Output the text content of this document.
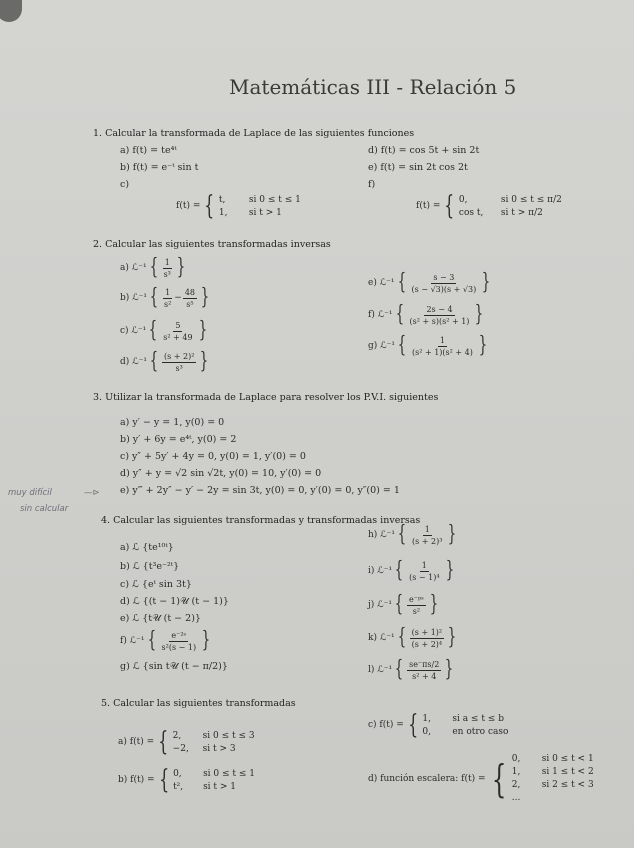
Matemáticas III - Relación 5
1. Calcular la transformada de Laplace de las siguientes funciones
a) f(t) = te⁴ᵗ
b) f(t) = e⁻ᵗ sin t
c)
d) f(t) = cos 5t + sin 2t
e) f(t) = sin 2t cos 2t
f)
f(t) = { t,	si 0 ≤ t ≤ 1
1,	si t > 1
f(t) = { 0,	si 0 ≤ t ≤ π/2
cos t,	si t > π/2
2. Calcular las siguientes transformadas inversas
a) ℒ⁻¹ { $\frac{1}{\text{s³}}$ }
b) ℒ⁻¹ { $\frac{1}{\text{s²}} - \frac{48}{\text{s⁵}}$ }
c) ℒ⁻¹ { $\frac{5}{\text{s² + 49}}$ }
d) ℒ⁻¹ { $\frac{\text{(s + 2)²}}{\text{s³}}$ }
e) ℒ⁻¹ { $\frac{s - 3}{(s - √3)(s + √3)}$ }
f) ℒ⁻¹ { $\frac{2s - 4}{\text{(s² + s)(s² + 1)}}$ }
g) ℒ⁻¹ { $\frac{1}{\text{(s² + 1)(s² + 4)}}$ }
3. Utilizar la transformada de Laplace para resolver los P.V.I. siguientes
a) y′ − y = 1, y(0) = 0
b) y′ + 6y = e⁴ᵗ, y(0) = 2
c) y″ + 5y′ + 4y = 0, y(0) = 1, y′(0) = 0
d) y″ + y = √2 sin √2t, y(0) = 10, y′(0) = 0
e) y‴ + 2y″ − y′ − 2y = sin 3t, y(0) = 0, y′(0) = 0, y″(0) = 1
muy difícil	—⊳
sin calcular
4. Calcular las siguientes transformadas y transformadas inversas
a) ℒ {te¹⁰ᵗ}
b) ℒ {t³e⁻²ᵗ}
c) ℒ {eᵗ sin 3t}
d) ℒ {(t − 1)𝒰 (t − 1)}
e) ℒ {t𝒰 (t − 2)}
f) ℒ⁻¹ { $\frac{\text{e⁻²ˢ}}{\text{s²(s − 1)}}$ }
g) ℒ {sin t𝒰 (t − π/2)}
h) ℒ⁻¹ { $\frac{1}{\text{(s + 2)³}}$ }
i) ℒ⁻¹ { $\frac{1}{\text{(s − 1)⁴}}$ }
j) ℒ⁻¹ { $\frac{\text{e⁻ᵖˢ}}{\text{s²}}$ }
k) ℒ⁻¹ { $\frac{\text{(s + 1)²}}{\text{(s + 2)⁴}}$ }
l) ℒ⁻¹ { $\frac{se^-\pi s/2}{\text{s² + 4}}$ }
5. Calcular las siguientes transformadas
a) f(t) = { 2,	si 0 ≤ t ≤ 3
−2,	si t > 3
b) f(t) = { 0,	si 0 ≤ t ≤ 1
t²,	si t > 1
c) f(t) = { 1,	si a ≤ t ≤ b
0,	en otro caso
d) función escalera: f(t) = { 0,	si 0 ≤ t < 1
1,	si 1 ≤ t < 2
2,	si 2 ≤ t < 3
...
